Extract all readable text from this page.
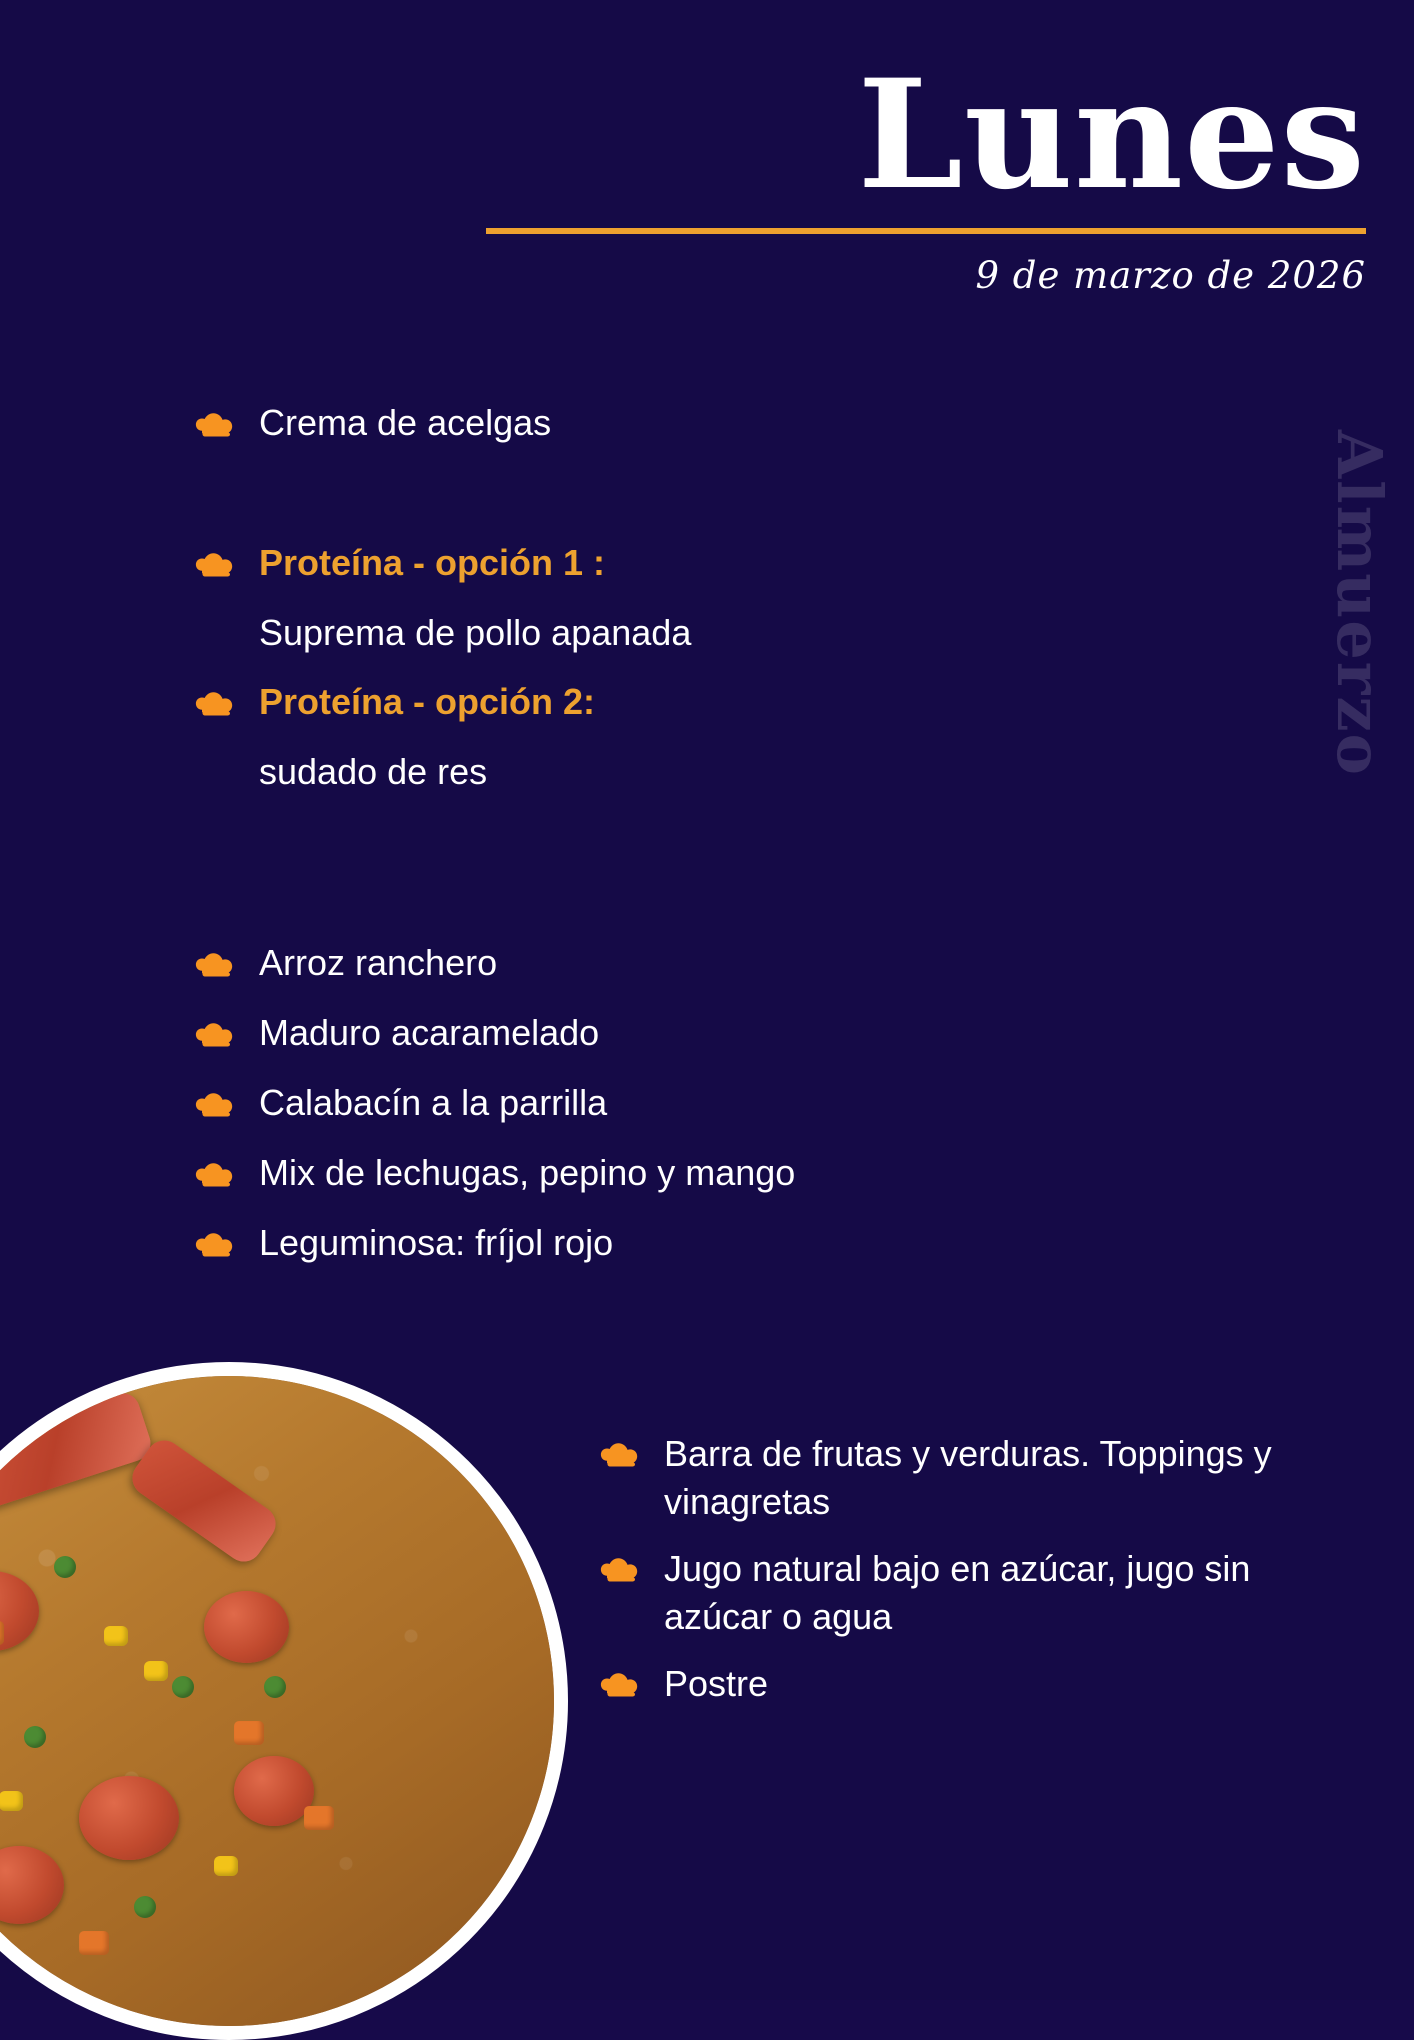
Lunes
9 de marzo de 2026
Almuerzo
Crema de acelgas
Proteína - opción 1 :
Suprema de pollo apanada
Proteína - opción 2:
sudado de res
Arroz ranchero
Maduro acaramelado
Calabacín a la parrilla
Mix de lechugas, pepino y mango
Leguminosa: fríjol rojo
Barra de frutas y verduras. Toppings y vinagretas
Jugo natural bajo en azúcar, jugo sin azúcar o agua
Postre
